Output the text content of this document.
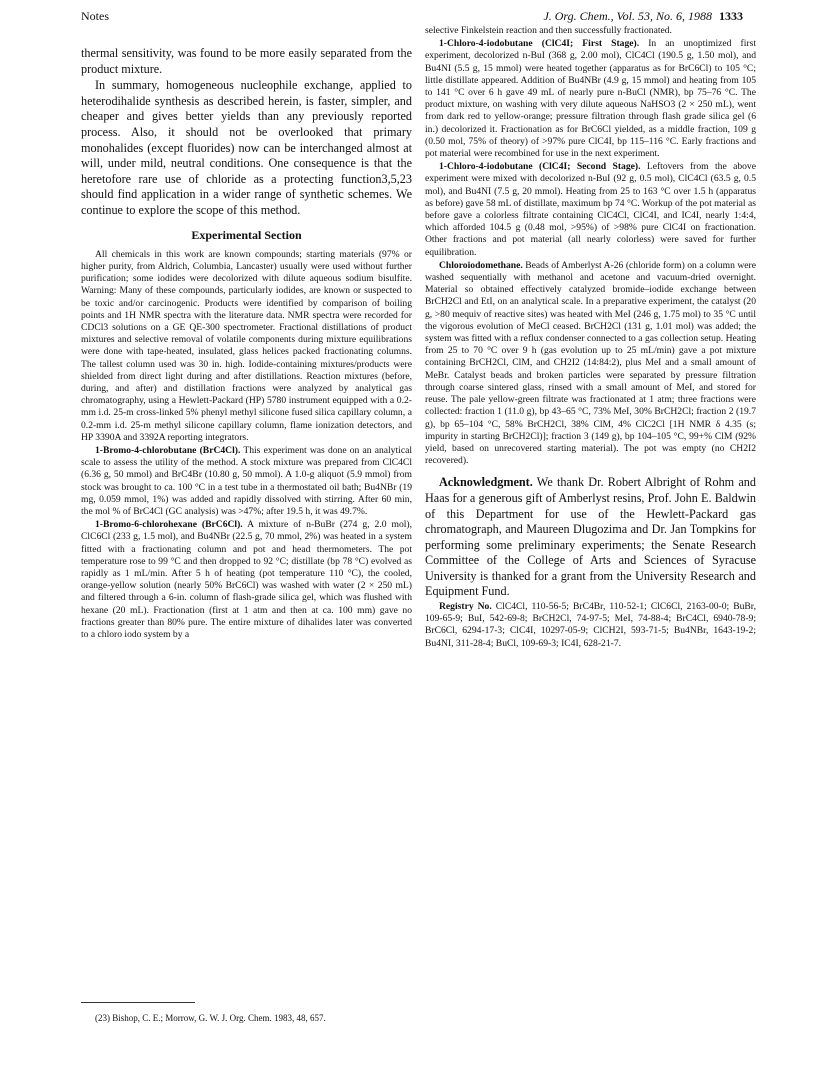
Notes	J. Org. Chem., Vol. 53, No. 6, 1988 1333

thermal sensitivity, was found to be more easily separated from the product mixture.

In summary, homogeneous nucleophile exchange, applied to heterodihalide synthesis as described herein, is faster, simpler, and cheaper and gives better yields than any previously reported process. Also, it should not be overlooked that primary monohalides (except fluorides) now can be interchanged almost at will, under mild, neutral conditions. One consequence is that the heretofore rare use of chloride as a protecting function3,5,23 should find application in a wider range of synthetic schemes. We continue to explore the scope of this method.

Experimental Section

All chemicals in this work are known compounds; starting materials (97% or higher purity, from Aldrich, Columbia, Lancaster) usually were used without further purification; some iodides were decolorized with dilute aqueous sodium bisulfite. Warning: Many of these compounds, particularly iodides, are known or suspected to be toxic and/or carcinogenic. Products were identified by comparison of boiling points and 1H NMR spectra with the literature data. NMR spectra were recorded for CDCl3 solutions on a GE QE-300 spectrometer. Fractional distillations of product mixtures and selective removal of volatile components during mixture equilibrations were done with tape-heated, insulated, glass helices packed fractionating columns. The tallest column used was 30 in. high. Iodide-containing mixtures/products were shielded from direct light during and after distillations. Reaction mixtures (before, during, and after) and distillation fractions were analyzed by analytical gas chromatography, using a Hewlett-Packard (HP) 5780 instrument equipped with a 0.2-mm i.d. 25-m cross-linked 5% phenyl methyl silicone fused silica capillary column, a 0.2-mm i.d. 25-m methyl silicone capillary column, flame ionization detectors, and HP 3390A and 3392A reporting integrators.

1-Bromo-4-chlorobutane (BrC4Cl). This experiment was done on an analytical scale to assess the utility of the method. A stock mixture was prepared from ClC4Cl (6.36 g, 50 mmol) and BrC4Br (10.80 g, 50 mmol). A 1.0-g aliquot (5.9 mmol) from stock was brought to ca. 100 °C in a test tube in a thermostated oil bath; Bu4NBr (19 mg, 0.059 mmol, 1%) was added and rapidly dissolved with stirring. After 60 min, the mol % of BrC4Cl (GC analysis) was >47%; after 19.5 h, it was 49.7%.

1-Bromo-6-chlorohexane (BrC6Cl). A mixture of n-BuBr (274 g, 2.0 mol), ClC6Cl (233 g, 1.5 mol), and Bu4NBr (22.5 g, 70 mmol, 2%) was heated in a system fitted with a fractionating column and pot and head thermometers. The pot temperature rose to 99 °C and then dropped to 92 °C; distillate (bp 78 °C) evolved as rapidly as 1 mL/min. After 5 h of heating (pot temperature 110 °C), the cooled, orange-yellow solution (nearly 50% BrC6Cl) was washed with water (2 × 250 mL) and filtered through a 6-in. column of flash-grade silica gel, which was flushed with hexane (20 mL). Fractionation (first at 1 atm and then at ca. 100 mm) gave no fractions greater than 80% pure. The entire mixture of dihalides later was converted to a chloro iodo system by a

(23) Bishop, C. E.; Morrow, G. W. J. Org. Chem. 1983, 48, 657.

selective Finkelstein reaction and then successfully fractionated.

1-Chloro-4-iodobutane (ClC4I; First Stage). In an unoptimized first experiment, decolorized n-BuI (368 g, 2.00 mol), ClC4Cl (190.5 g, 1.50 mol), and Bu4NI (5.5 g, 15 mmol) were heated together (apparatus as for BrC6Cl) to 105 °C; little distillate appeared. Addition of Bu4NBr (4.9 g, 15 mmol) and heating from 105 to 141 °C over 6 h gave 49 mL of nearly pure n-BuCl (NMR), bp 75–76 °C. The product mixture, on washing with very dilute aqueous NaHSO3 (2 × 250 mL), went from dark red to yellow-orange; pressure filtration through flash grade silica gel (6 in.) decolorized it. Fractionation as for BrC6Cl yielded, as a middle fraction, 109 g (0.50 mol, 75% of theory) of >97% pure ClC4I, bp 115–116 °C. Early fractions and pot material were recombined for use in the next experiment.

1-Chloro-4-iodobutane (ClC4I; Second Stage). Leftovers from the above experiment were mixed with decolorized n-BuI (92 g, 0.5 mol), ClC4Cl (63.5 g, 0.5 mol), and Bu4NI (7.5 g, 20 mmol). Heating from 25 to 163 °C over 1.5 h (apparatus as before) gave 58 mL of distillate, maximum bp 74 °C. Workup of the pot material as before gave a colorless filtrate containing ClC4Cl, ClC4I, and IC4I, nearly 1:4:4, which afforded 104.5 g (0.48 mol, >95%) of >98% pure ClC4I on fractionation. Other fractions and pot material (all nearly colorless) were saved for further equilibration.

Chloroiodomethane. Beads of Amberlyst A-26 (chloride form) on a column were washed sequentially with methanol and acetone and vacuum-dried overnight. Material so obtained effectively catalyzed bromide–iodide exchange between BrCH2Cl and EtI, on an analytical scale. In a preparative experiment, the catalyst (20 g, >80 mequiv of reactive sites) was heated with MeI (246 g, 1.75 mol) to 35 °C until the vigorous evolution of MeCl ceased. BrCH2Cl (131 g, 1.01 mol) was added; the system was fitted with a reflux condenser connected to a gas collection setup. Heating from 25 to 70 °C over 9 h (gas evolution up to 25 mL/min) gave a pot mixture containing BrCH2Cl, ClM, and CH2I2 (14:84:2), plus MeI and a small amount of MeBr. Catalyst beads and broken particles were separated by pressure filtration through coarse sintered glass, rinsed with a small amount of MeI, and stored for reuse. The pale yellow-green filtrate was fractionated at 1 atm; three fractions were collected: fraction 1 (11.0 g), bp 43–65 °C, 73% MeI, 30% BrCH2Cl; fraction 2 (19.7 g), bp 65–104 °C, 58% BrCH2Cl, 38% ClM, 4% ClC2Cl [1H NMR δ 4.35 (s; impurity in starting BrCH2Cl)]; fraction 3 (149 g), bp 104–105 °C, 99+% ClM (92% yield, based on unrecovered starting material). The pot was empty (no CH2I2 recovered).

Acknowledgment. We thank Dr. Robert Albright of Rohm and Haas for a generous gift of Amberlyst resins, Prof. John E. Baldwin of this Department for use of the Hewlett-Packard gas chromatograph, and Maureen Dlugozima and Dr. Jan Tompkins for performing some preliminary experiments; the Senate Research Committee of the College of Arts and Sciences of Syracuse University is thanked for a grant from the University Research and Equipment Fund.

Registry No. ClC4Cl, 110-56-5; BrC4Br, 110-52-1; ClC6Cl, 2163-00-0; BuBr, 109-65-9; BuI, 542-69-8; BrCH2Cl, 74-97-5; MeI, 74-88-4; BrC4Cl, 6940-78-9; BrC6Cl, 6294-17-3; ClC4I, 10297-05-9; ClCH2I, 593-71-5; Bu4NBr, 1643-19-2; Bu4NI, 311-28-4; BuCl, 109-69-3; IC4I, 628-21-7.
